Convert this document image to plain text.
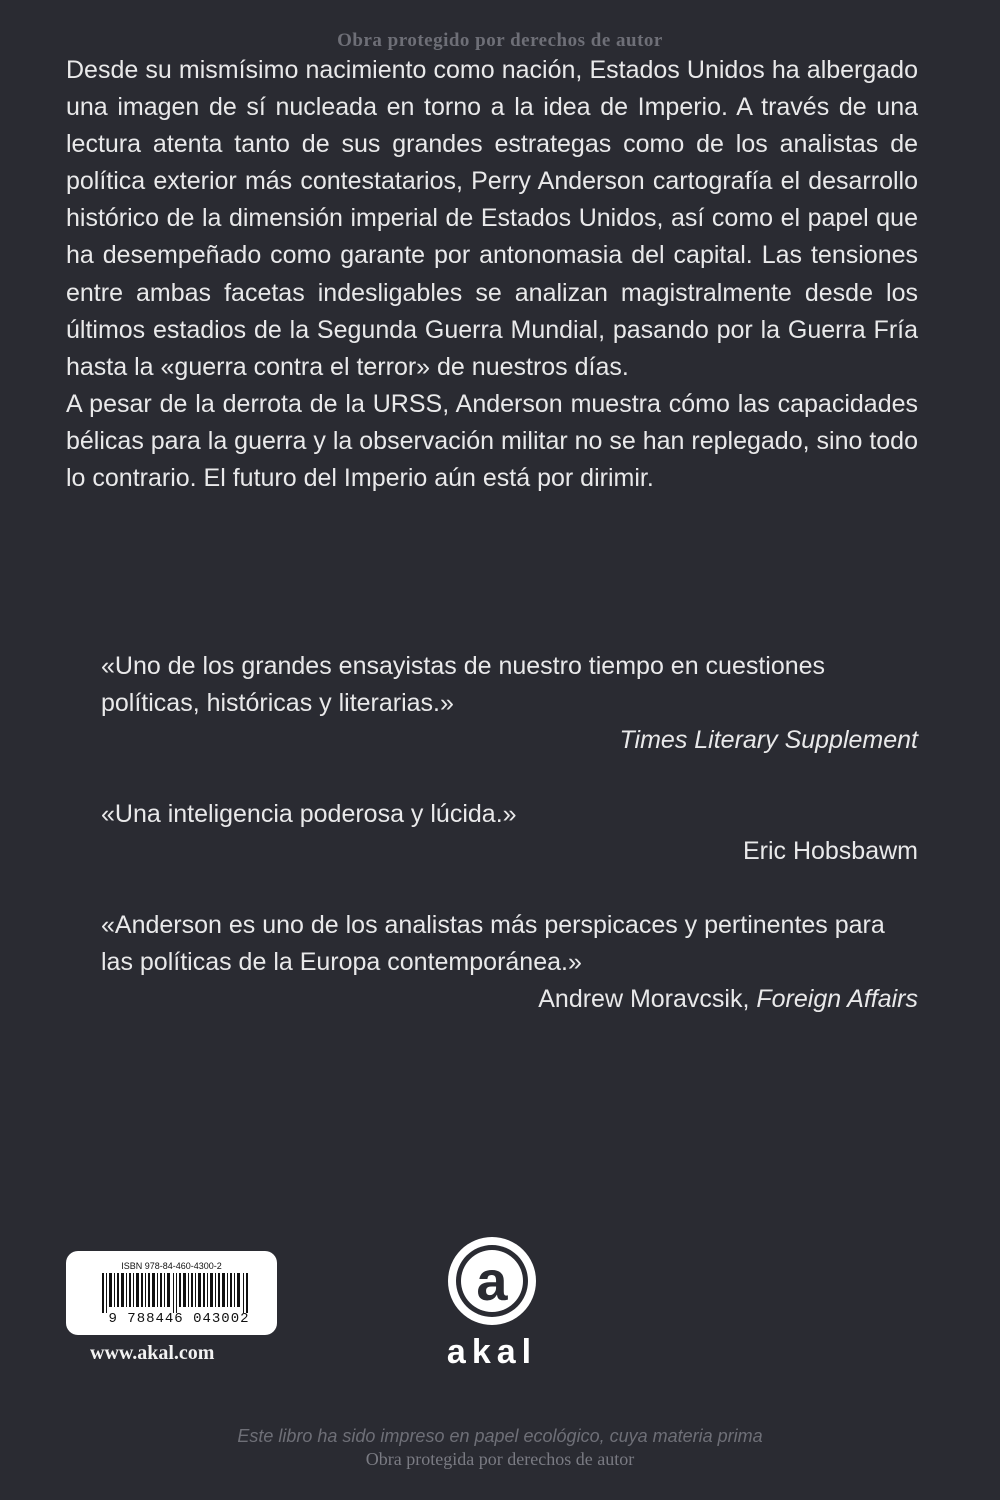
Obra protegido por derechos de autor

Desde su mismísimo nacimiento como nación, Estados Unidos ha albergado una imagen de sí nucleada en torno a la idea de Imperio. A través de una lectura atenta tanto de sus grandes estrategas como de los analistas de política exterior más contestatarios, Perry Anderson cartografía el desarrollo histórico de la dimensión imperial de Estados Unidos, así como el papel que ha desempeñado como garante por antonomasia del capital. Las tensiones entre ambas facetas indesligables se analizan magistralmente desde los últimos estadios de la Segunda Guerra Mundial, pasando por la Guerra Fría hasta la «guerra contra el terror» de nuestros días.

A pesar de la derrota de la URSS, Anderson muestra cómo las capacidades bélicas para la guerra y la observación militar no se han replegado, sino todo lo contrario. El futuro del Imperio aún está por dirimir.

«Uno de los grandes ensayistas de nuestro tiempo en cuestiones políticas, históricas y literarias.»

Times Literary Supplement

«Una inteligencia poderosa y lúcida.»

Eric Hobsbawm

«Anderson es uno de los analistas más perspicaces y pertinentes para las políticas de la Europa contemporánea.»

Andrew Moravcsik, Foreign Affairs

ISBN 978-84-460-4300-2
9 788446 043002
www.akal.com
a
akal
Este libro ha sido impreso en papel ecológico, cuya materia prima
Obra protegida por derechos de autor
